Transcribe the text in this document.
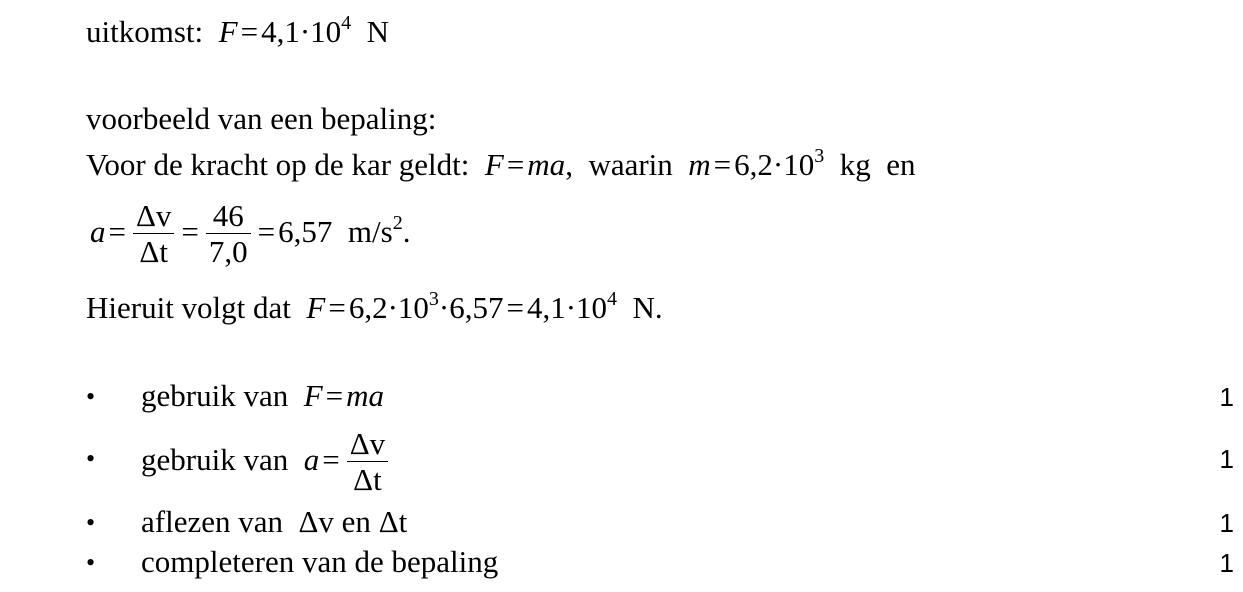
uitkomst: $F=4,1\cdot 10^4$ N
voorbeeld van een bepaling:
Voor de kracht op de kar geldt: F=ma, waarin $m=6,2\cdot 10^3$ kg en
$a= \frac{\Delta v}{\Delta t} = \frac{46}{7,0} =6,57$ $m/s^2$.
Hieruit volgt dat $F=6,2\cdot 10^3\cdot 6,57=4,1\cdot 10^4$ N.
• gebruik van F=ma	1
• gebruik van $a= \frac{\Delta v}{\Delta t}$	1
• aflezen van Δv en Δt	1
• completeren van de bepaling	1
